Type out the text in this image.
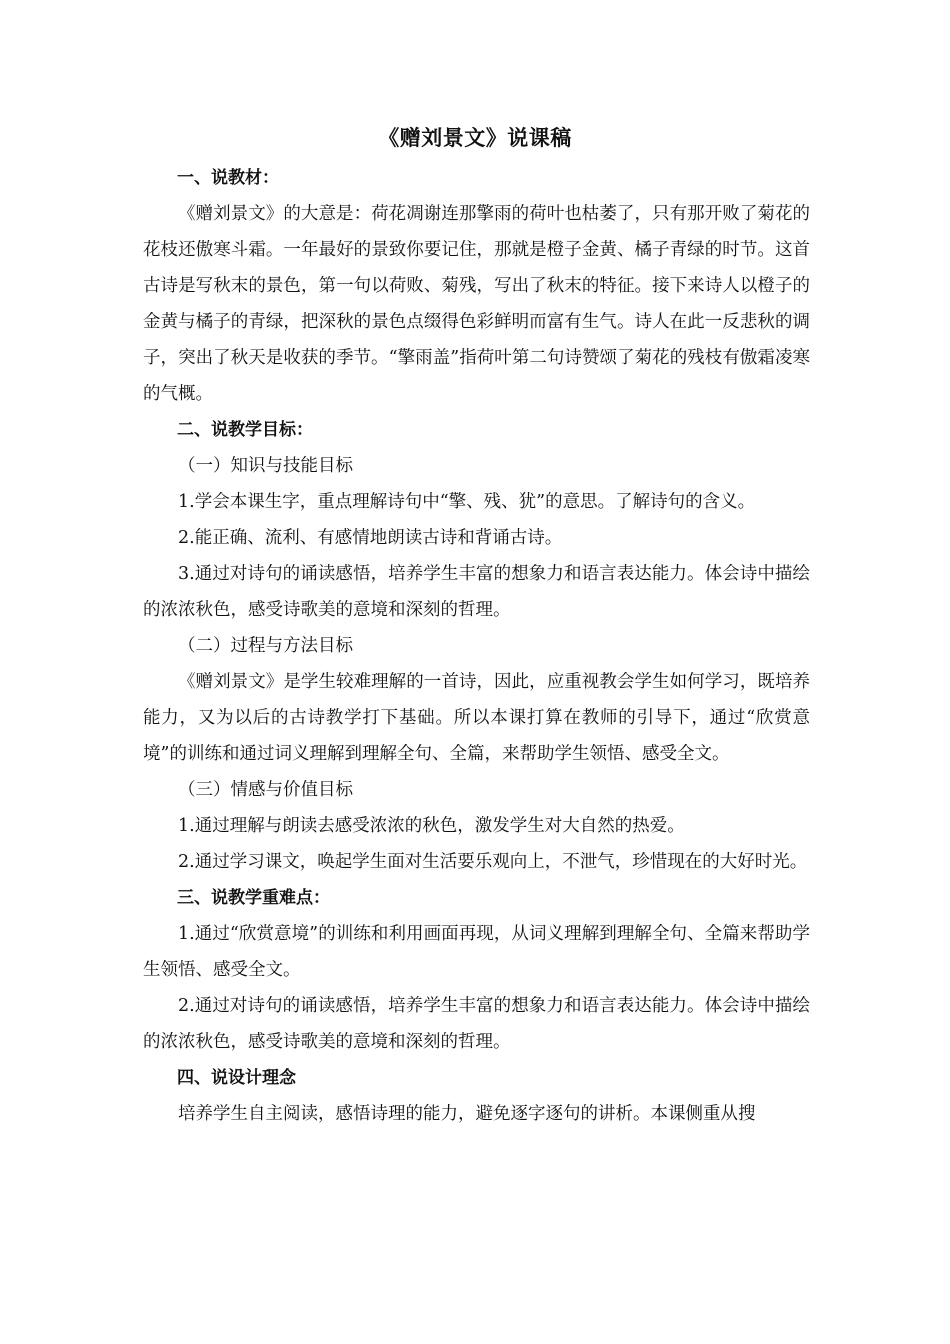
《赠刘景文》说课稿

一、说教材：

《赠刘景文》的大意是：荷花凋谢连那擎雨的荷叶也枯萎了，只有那开败了菊花的花枝还傲寒斗霜。一年最好的景致你要记住，那就是橙子金黄、橘子青绿的时节。这首古诗是写秋末的景色，第一句以荷败、菊残，写出了秋末的特征。接下来诗人以橙子的金黄与橘子的青绿，把深秋的景色点缀得色彩鲜明而富有生气。诗人在此一反悲秋的调子，突出了秋天是收获的季节。“擎雨盖”指荷叶第二句诗赞颂了菊花的残枝有傲霜凌寒的气概。

二、说教学目标：

（一）知识与技能目标

1.学会本课生字，重点理解诗句中“擎、残、犹”的意思。了解诗句的含义。

2.能正确、流利、有感情地朗读古诗和背诵古诗。

3.通过对诗句的诵读感悟，培养学生丰富的想象力和语言表达能力。体会诗中描绘的浓浓秋色，感受诗歌美的意境和深刻的哲理。

（二）过程与方法目标

《赠刘景文》是学生较难理解的一首诗，因此，应重视教会学生如何学习，既培养能力，又为以后的古诗教学打下基础。所以本课打算在教师的引导下，通过“欣赏意境”的训练和通过词义理解到理解全句、全篇，来帮助学生领悟、感受全文。

（三）情感与价值目标

1.通过理解与朗读去感受浓浓的秋色，激发学生对大自然的热爱。

2.通过学习课文，唤起学生面对生活要乐观向上，不泄气，珍惜现在的大好时光。

三、说教学重难点：

1.通过“欣赏意境”的训练和利用画面再现，从词义理解到理解全句、全篇来帮助学生领悟、感受全文。

2.通过对诗句的诵读感悟，培养学生丰富的想象力和语言表达能力。体会诗中描绘的浓浓秋色，感受诗歌美的意境和深刻的哲理。

四、说设计理念

培养学生自主阅读，感悟诗理的能力，避免逐字逐句的讲析。本课侧重从搜
